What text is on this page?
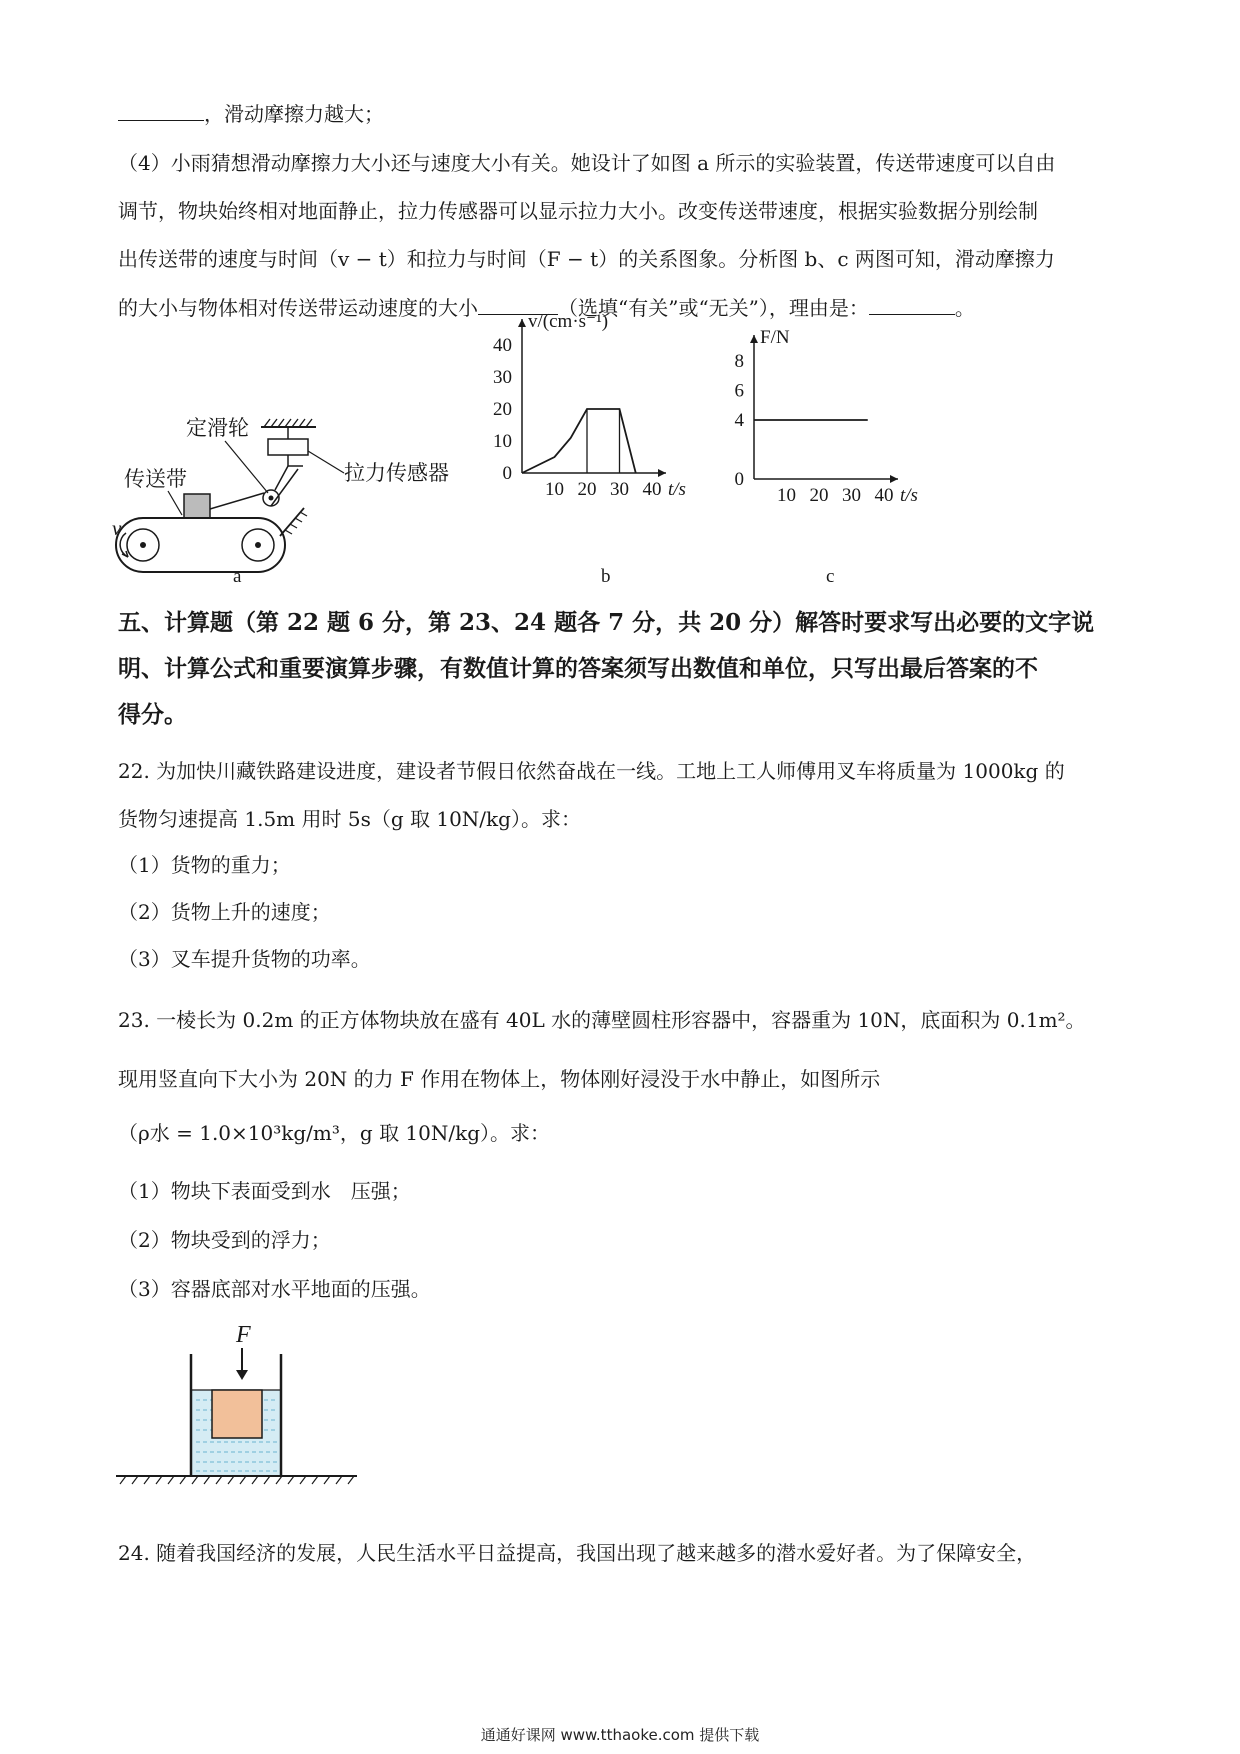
，滑动摩擦力越大；
（4）小雨猜想滑动摩擦力大小还与速度大小有关。她设计了如图 a 所示的实验装置，传送带速度可以自由
调节，物块始终相对地面静止，拉力传感器可以显示拉力大小。改变传送带速度，根据实验数据分别绘制
出传送带的速度与时间（v − t）和拉力与时间（F − t）的关系图象。分析图 b、c 两图可知，滑动摩擦力
的大小与物体相对传送带运动速度的大小	（选填“有关”或“无关”），理由是：	。
定滑轮
传送带	拉力传感器
v
a
10 20 30 40
0
10
20
30
40
t/s
v/(cm·s⁻¹)
b
10 20 30 40
0
4
6
8
t/s
F/N
c
五、计算题（第 22 题 6 分，第 23、24 题各 7 分，共 20 分）解答时要求写出必要的文字说
明、计算公式和重要演算步骤，有数值计算的答案须写出数值和单位，只写出最后答案的不
得分。
22. 为加快川藏铁路建设进度，建设者节假日依然奋战在一线。工地上工人师傅用叉车将质量为 1000kg 的
货物匀速提高 1.5m 用时 5s（g 取 10N/kg）。求：
（1）货物的重力；
（2）货物上升的速度；
（3）叉车提升货物的功率。
23. 一棱长为 0.2m 的正方体物块放在盛有 40L 水的薄壁圆柱形容器中，容器重为 10N，底面积为 0.1m²。
现用竖直向下大小为 20N 的力 F 作用在物体上，物体刚好浸没于水中静止，如图所示
（ρ水 = 1.0×10³kg/m³，g 取 10N/kg）。求：
（1）物块下表面受到水　压强；
（2）物块受到的浮力；
（3）容器底部对水平地面的压强。
F
24. 随着我国经济的发展，人民生活水平日益提高，我国出现了越来越多的潜水爱好者。为了保障安全，
通通好课网 www.tthaoke.com 提供下载
